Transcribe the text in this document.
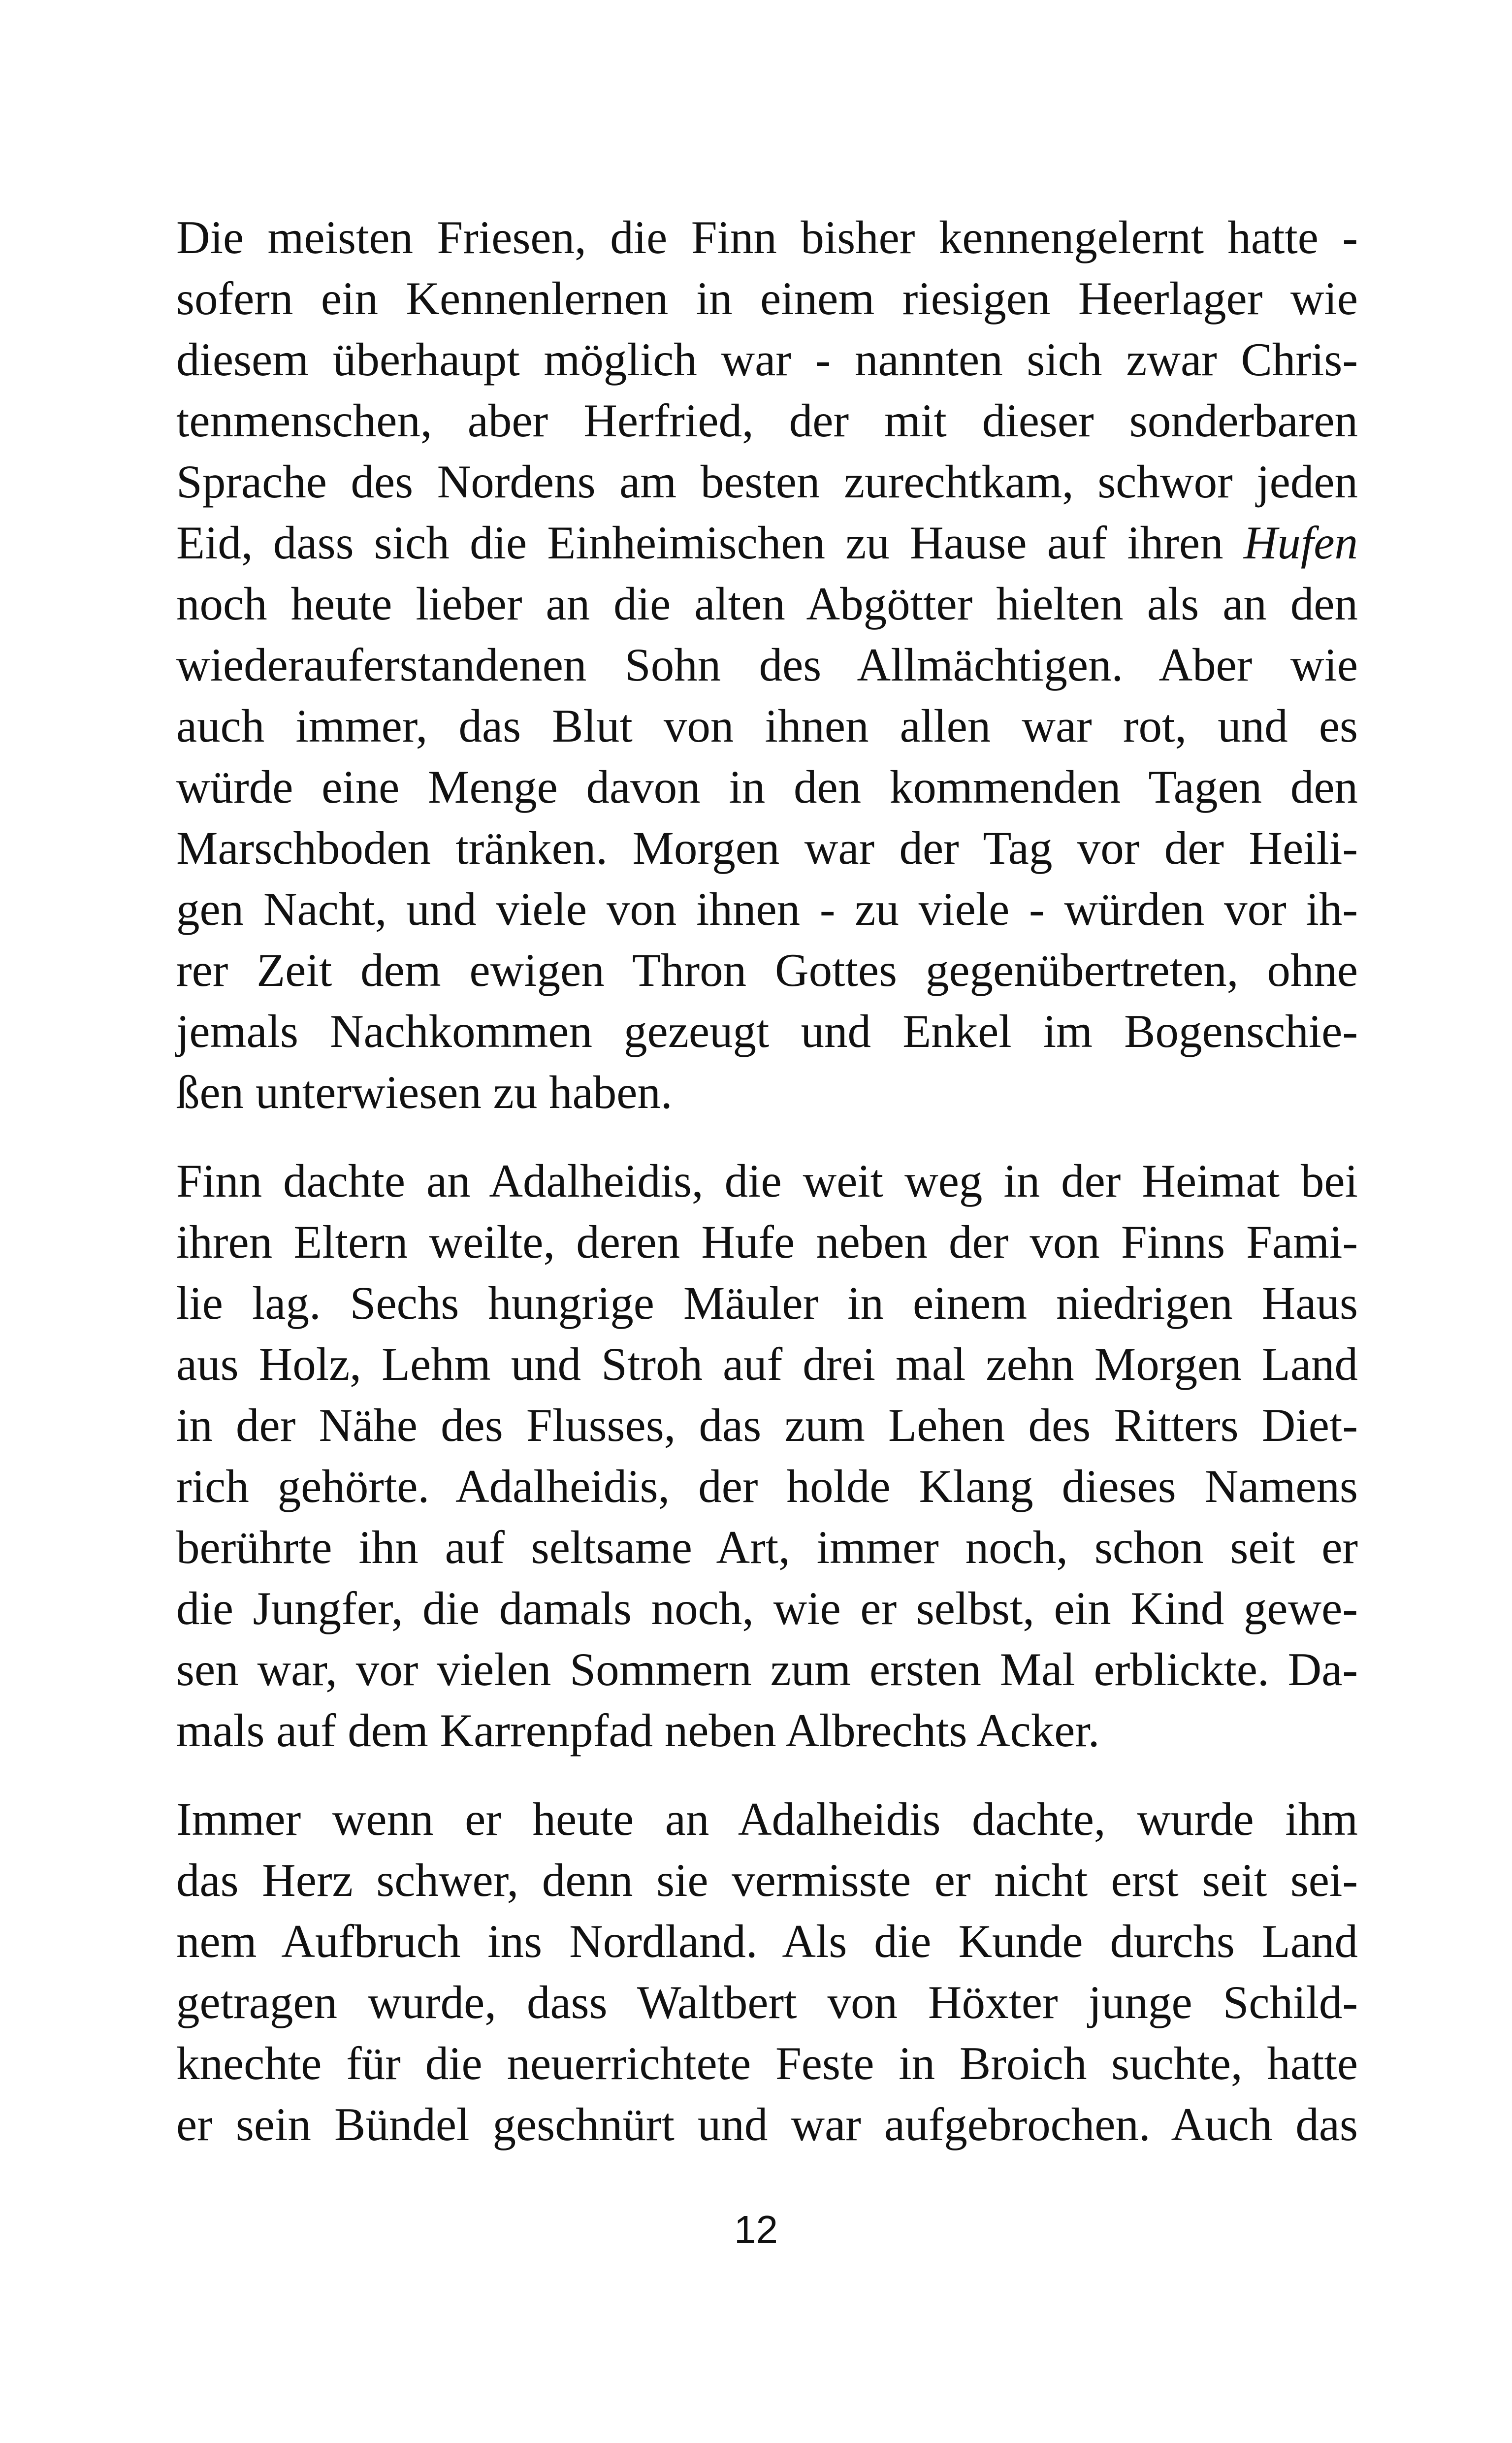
Die meisten Friesen, die Finn bisher kennengelernt hatte -
sofern ein Kennenlernen in einem riesigen Heerlager wie
diesem überhaupt möglich war - nannten sich zwar Chris-
tenmenschen, aber Herfried, der mit dieser sonderbaren
Sprache des Nordens am besten zurechtkam, schwor jeden
Eid, dass sich die Einheimischen zu Hause auf ihren Hufen
noch heute lieber an die alten Abgötter hielten als an den
wiederauferstandenen Sohn des Allmächtigen. Aber wie
auch immer, das Blut von ihnen allen war rot, und es
würde eine Menge davon in den kommenden Tagen den
Marschboden tränken. Morgen war der Tag vor der Heili-
gen Nacht, und viele von ihnen - zu viele - würden vor ih-
rer Zeit dem ewigen Thron Gottes gegenübertreten, ohne
jemals Nachkommen gezeugt und Enkel im Bogenschie-
ßen unterwiesen zu haben.
Finn dachte an Adalheidis, die weit weg in der Heimat bei
ihren Eltern weilte, deren Hufe neben der von Finns Fami-
lie lag. Sechs hungrige Mäuler in einem niedrigen Haus
aus Holz, Lehm und Stroh auf drei mal zehn Morgen Land
in der Nähe des Flusses, das zum Lehen des Ritters Diet-
rich gehörte. Adalheidis, der holde Klang dieses Namens
berührte ihn auf seltsame Art, immer noch, schon seit er
die Jungfer, die damals noch, wie er selbst, ein Kind gewe-
sen war, vor vielen Sommern zum ersten Mal erblickte. Da-
mals auf dem Karrenpfad neben Albrechts Acker.
Immer wenn er heute an Adalheidis dachte, wurde ihm
das Herz schwer, denn sie vermisste er nicht erst seit sei-
nem Aufbruch ins Nordland. Als die Kunde durchs Land
getragen wurde, dass Waltbert von Höxter junge Schild-
knechte für die neuerrichtete Feste in Broich suchte, hatte
er sein Bündel geschnürt und war aufgebrochen. Auch das
12
